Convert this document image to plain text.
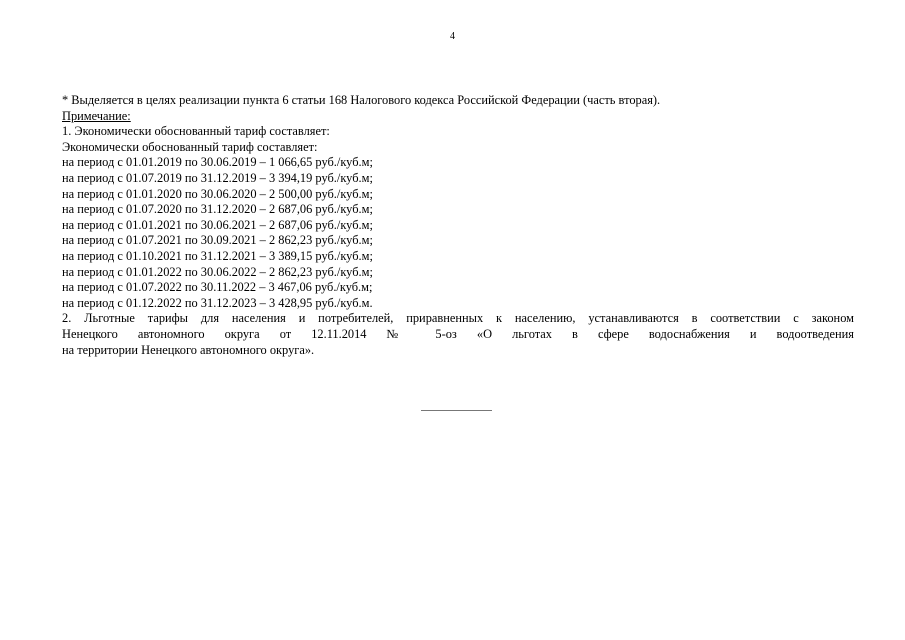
4
* Выделяется в целях реализации пункта 6 статьи 168 Налогового кодекса Российской Федерации (часть вторая).
Примечание:
1. Экономически обоснованный тариф составляет:
Экономически обоснованный тариф составляет:
на период с 01.01.2019 по 30.06.2019 – 1 066,65 руб./куб.м;
на период с 01.07.2019 по 31.12.2019 – 3 394,19 руб./куб.м;
на период с 01.01.2020 по 30.06.2020 – 2 500,00 руб./куб.м;
на период с 01.07.2020 по 31.12.2020 – 2 687,06 руб./куб.м;
на период с 01.01.2021 по 30.06.2021 – 2 687,06 руб./куб.м;
на период с 01.07.2021 по 30.09.2021 – 2 862,23 руб./куб.м;
на период с 01.10.2021 по 31.12.2021 – 3 389,15 руб./куб.м;
на период с 01.01.2022 по 30.06.2022 – 2 862,23 руб./куб.м;
на период с 01.07.2022 по 30.11.2022 – 3 467,06 руб./куб.м;
на период с 01.12.2022 по 31.12.2023 – 3 428,95 руб./куб.м.
2. Льготные тарифы для населения и потребителей, приравненных к населению, устанавливаются в соответствии с законом
Ненецкого автономного округа от 12.11.2014 № 5-оз «О льготах в сфере водоснабжения и водоотведения
на территории Ненецкого автономного округа».
